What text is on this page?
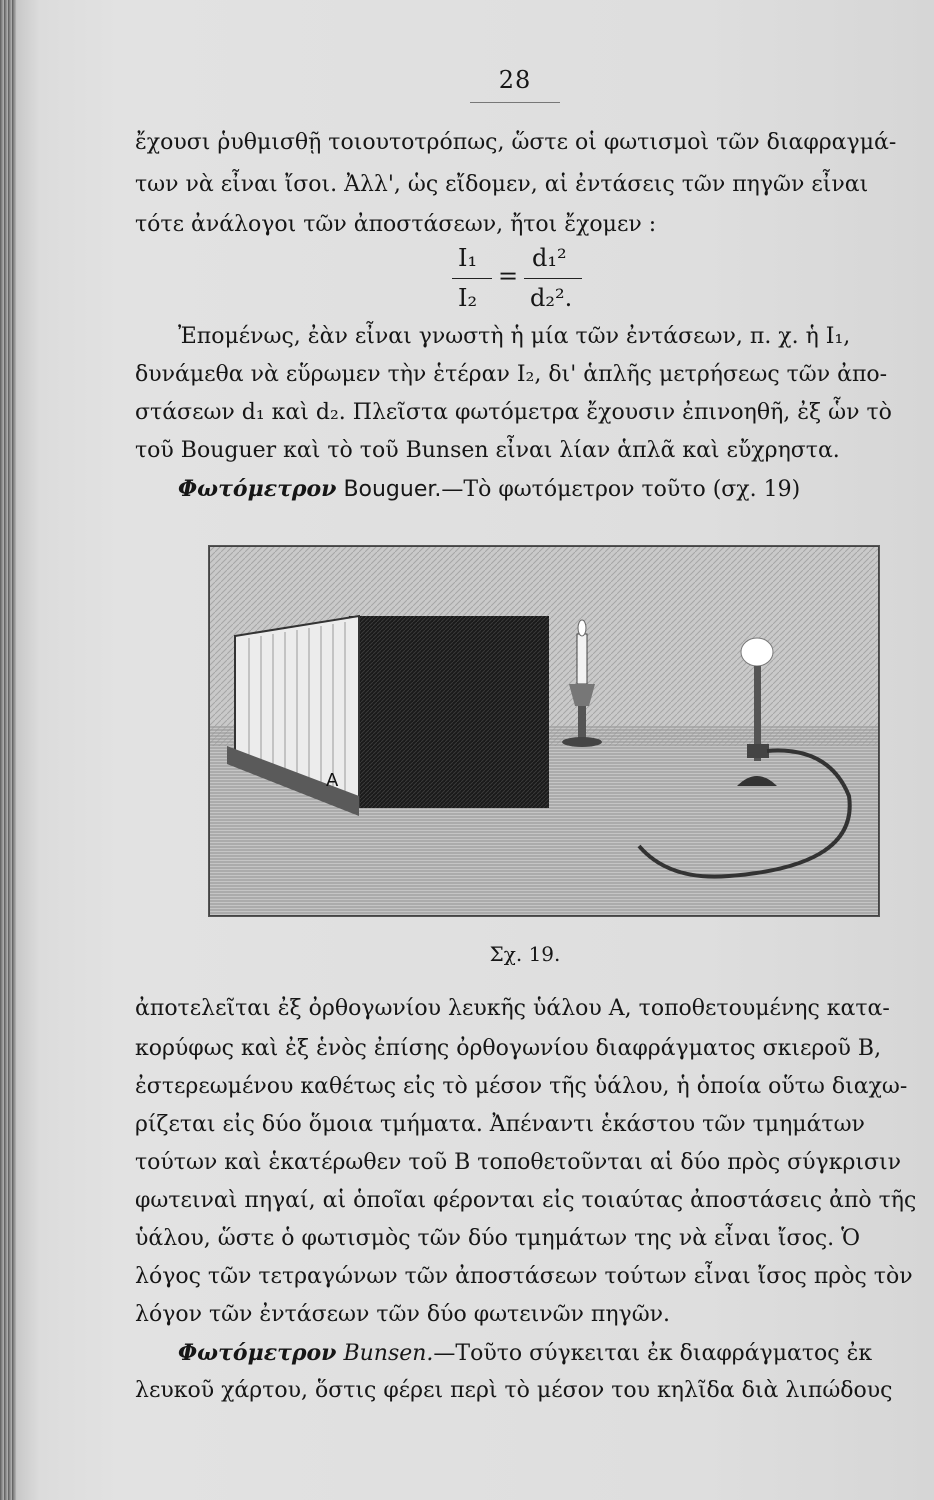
28
ἔχουσι ῥυθμισθῇ τοιουτοτρόπως, ὥστε οἱ φωτισμοὶ τῶν διαφραγμά-
των νὰ εἶναι ἴσοι. Ἀλλ', ὡς εἴδομεν, αἱ ἐντάσεις τῶν πηγῶν εἶναι
τότε ἀνάλογοι τῶν ἀποστάσεων, ἤτοι ἔχομεν :
I₁
I₂
=
d₁²
d₂².
Ἐπομένως, ἐὰν εἶναι γνωστὴ ἡ μία τῶν ἐντάσεων, π. χ. ἡ I₁,
δυνάμεθα νὰ εὕρωμεν τὴν ἑτέραν I₂, δι' ἁπλῆς μετρήσεως τῶν ἀπο-
στάσεων d₁ καὶ d₂. Πλεῖστα φωτόμετρα ἔχουσιν ἐπινοηθῆ, ἐξ ὧν τὸ
τοῦ Bouguer καὶ τὸ τοῦ Bunsen εἶναι λίαν ἁπλᾶ καὶ εὔχρηστα.
Φωτόμετρον Bouguer.—Τὸ φωτόμετρον τοῦτο (σχ. 19)
A
Σχ. 19.
ἀποτελεῖται ἐξ ὀρθογωνίου λευκῆς ὑάλου A, τοποθετουμένης κατα-
κορύφως καὶ ἐξ ἑνὸς ἐπίσης ὀρθογωνίου διαφράγματος σκιεροῦ B,
ἐστερεωμένου καθέτως εἰς τὸ μέσον τῆς ὑάλου, ἡ ὁποία οὕτω διαχω-
ρίζεται εἰς δύο ὅμοια τμήματα. Ἀπέναντι ἑκάστου τῶν τμημάτων
τούτων καὶ ἑκατέρωθεν τοῦ B τοποθετοῦνται αἱ δύο πρὸς σύγκρισιν
φωτειναὶ πηγαί, αἱ ὁποῖαι φέρονται εἰς τοιαύτας ἀποστάσεις ἀπὸ τῆς
ὑάλου, ὥστε ὁ φωτισμὸς τῶν δύο τμημάτων της νὰ εἶναι ἴσος. Ὁ
λόγος τῶν τετραγώνων τῶν ἀποστάσεων τούτων εἶναι ἴσος πρὸς τὸν
λόγον τῶν ἐντάσεων τῶν δύο φωτεινῶν πηγῶν.
Φωτόμετρον Bunsen.—Τοῦτο σύγκειται ἐκ διαφράγματος ἐκ
λευκοῦ χάρτου, ὅστις φέρει περὶ τὸ μέσον του κηλῖδα διὰ λιπώδους
